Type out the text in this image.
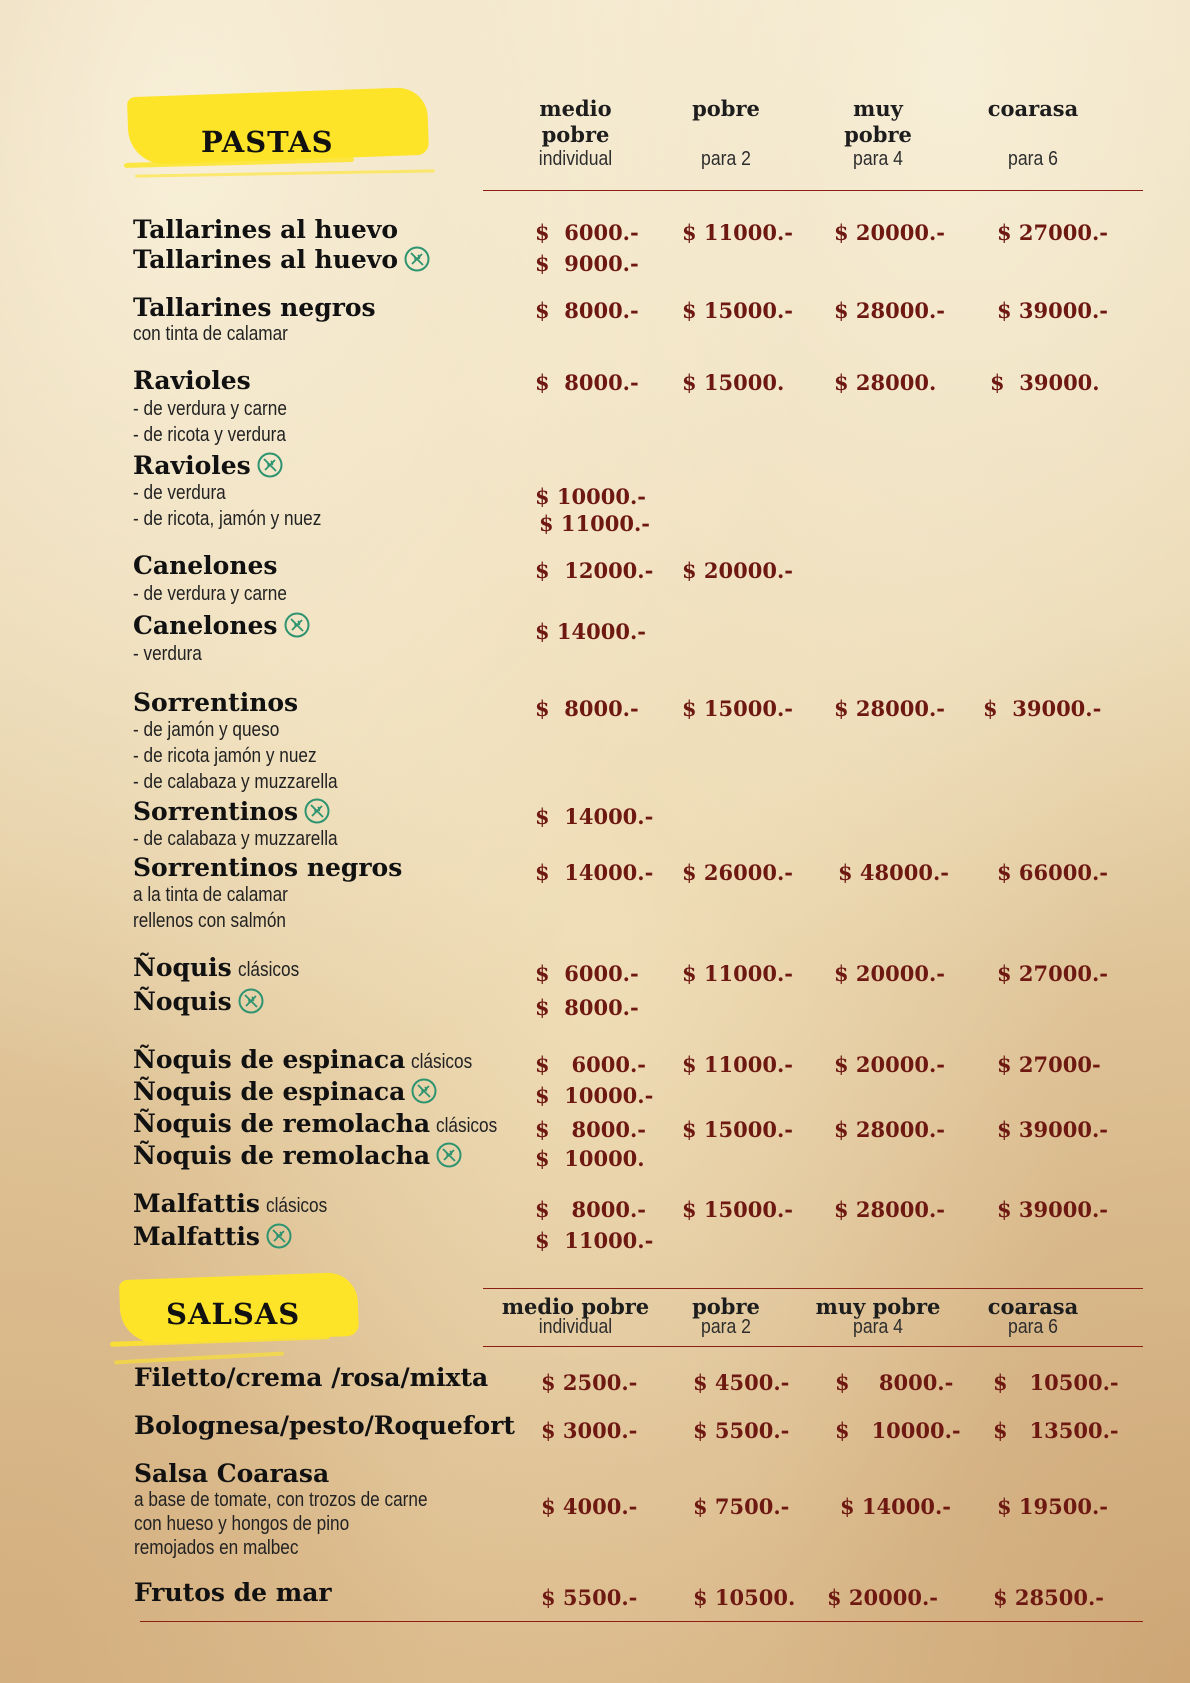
PASTAS
medio pobre
individual
pobre
para 2
muy pobre
para 4
coarasa
para 6
Tallarines al huevo	$  6000.- $ 11000.- $ 20000.- $ 27000.-
Tallarines al huevo	$  9000.-
Tallarines negros
con tinta de calamar
$  8000.- $ 15000.- $ 28000.- $ 39000.-
Ravioles
- de verdura y carne
- de ricota y verdura
$  8000.- $ 15000. $ 28000.	$  39000.
Ravioles
- de verdura
- de ricota, jamón y nuez
$ 10000.-
$ 11000.-
Canelones
- de verdura y carne
$  12000.- $ 20000.-
Canelones
- verdura
$ 14000.-
Sorrentinos
- de jamón y queso
- de ricota jamón y nuez
- de calabaza y muzzarella
$  8000.- $ 15000.- $ 28000.- $  39000.-
Sorrentinos
- de calabaza y muzzarella
$  14000.-
Sorrentinos negros
a la tinta de calamar
rellenos con salmón
$  14000.- $ 26000.- $ 48000.- $ 66000.-
Ñoquis clásicos	$  6000.- $ 11000.- $ 20000.- $ 27000.-
Ñoquis	$  8000.-
Ñoquis de espinaca clásicos	$   6000.- $ 11000.- $ 20000.- $ 27000-
Ñoquis de espinaca	$  10000.-
Ñoquis de remolacha clásicos	$   8000.- $ 15000.- $ 28000.- $ 39000.-
Ñoquis de remolacha	$  10000.
Malfattis clásicos	$   8000.- $ 15000.- $ 28000.- $ 39000.-
Malfattis	$  11000.-
SALSAS	medio pobre
individual
pobre
para 2
muy pobre
para 4
coarasa
para 6
Filetto/crema /rosa/mixta	$ 2500.-	$ 4500.- $    8000.- $   10500.-
Bolognesa/pesto/Roquefort $ 3000.-	$ 5500.- $   10000.- $   13500.-
Salsa Coarasa
a base de tomate, con trozos de carne
con hueso y hongos de pino
remojados en malbec
$ 4000.-	$ 7500.- $ 14000.- $ 19500.-
Frutos de mar	$ 5500.-	$ 10500. $ 20000.-	$ 28500.-
